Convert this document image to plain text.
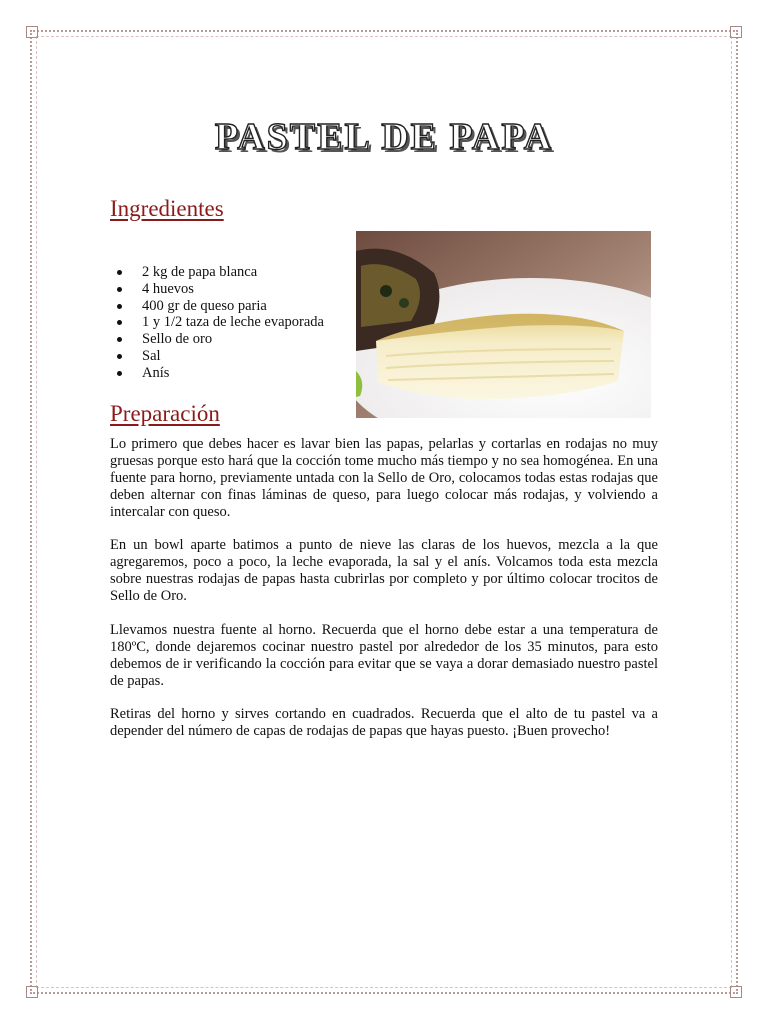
PASTEL DE PAPA
Ingredientes
2 kg de papa blanca
4 huevos
400 gr de queso paria
1 y 1/2 taza de leche evaporada
Sello de oro
Sal
Anís
Preparación

Lo primero que debes hacer es lavar bien las papas, pelarlas y cortarlas en rodajas no muy gruesas porque esto hará que la cocción tome mucho más tiempo y no sea homogénea. En una fuente para horno, previamente untada con la Sello de Oro, colocamos todas estas rodajas que deben alternar con finas láminas de queso, para luego colocar más rodajas, y volviendo a intercalar con queso.

En un bowl aparte batimos a punto de nieve las claras de los huevos, mezcla a la que agregaremos, poco a poco, la leche evaporada, la sal y el anís. Volcamos toda esta mezcla sobre nuestras rodajas de papas hasta cubrirlas por completo y por último colocar trocitos de Sello de Oro.

Llevamos nuestra fuente al horno. Recuerda que el horno debe estar a una temperatura de 180ºC, donde dejaremos cocinar nuestro pastel por alrededor de los 35 minutos, para esto debemos de ir verificando la cocción para evitar que se vaya a dorar demasiado nuestro pastel de papas.

Retiras del horno y sirves cortando en cuadrados. Recuerda que el alto de tu pastel va a depender del número de capas de rodajas de papas que hayas puesto. ¡Buen provecho!
